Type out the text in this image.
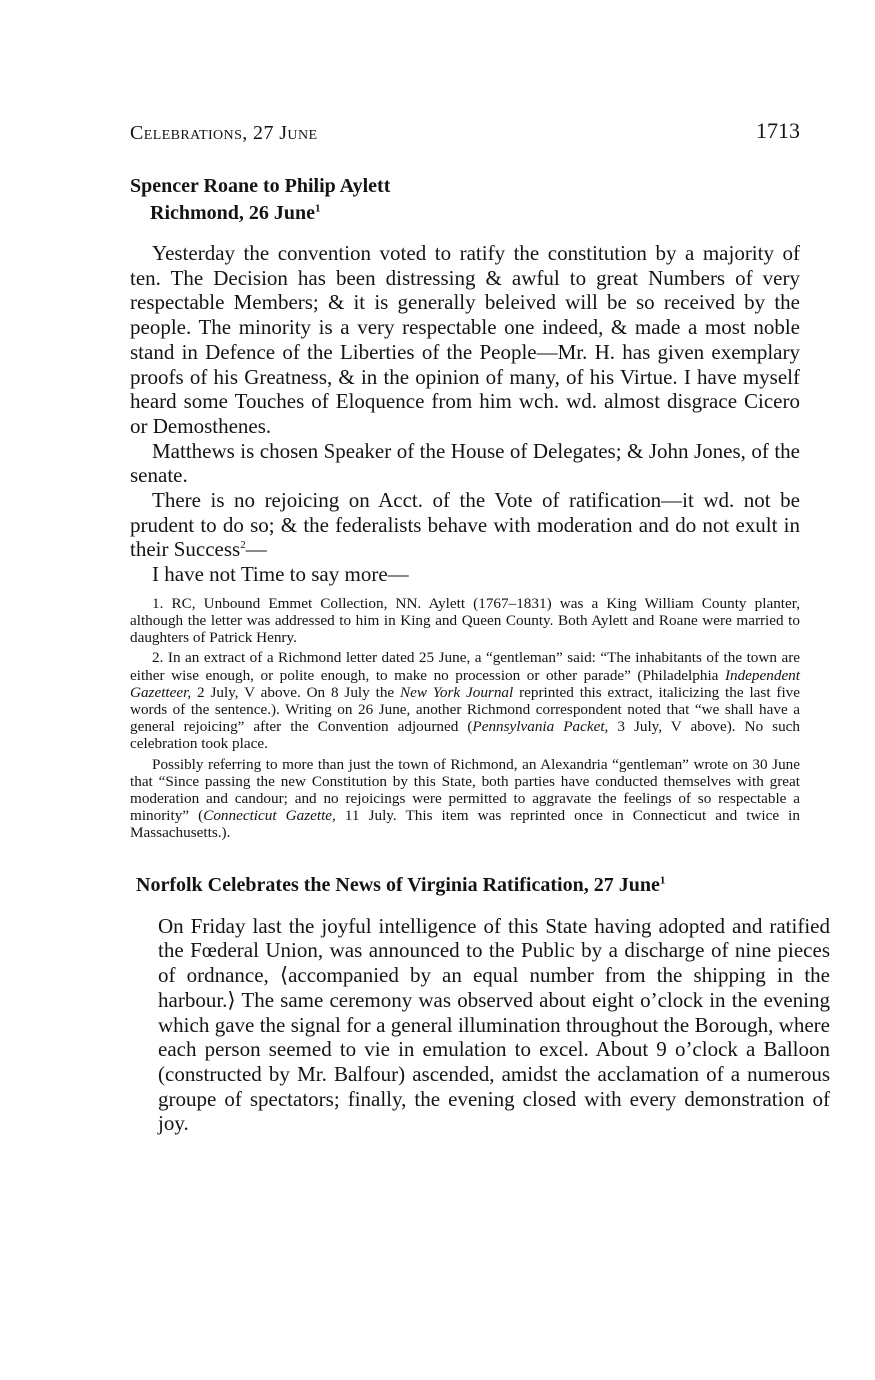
Celebrations, 27 June	1713
Spencer Roane to Philip Aylett
Richmond, 26 June$^1$

Yesterday the convention voted to ratify the constitution by a majority of ten. The Decision has been distressing & awful to great Numbers of very respectable Members; & it is generally beleived will be so received by the people. The minority is a very respectable one indeed, & made a most noble stand in Defence of the Liberties of the People—Mr. H. has given exemplary proofs of his Greatness, & in the opinion of many, of his Virtue. I have myself heard some Touches of Eloquence from him wch. wd. almost disgrace Cicero or Demosthenes.

Matthews is chosen Speaker of the House of Delegates; & John Jones, of the senate.

There is no rejoicing on Acct. of the Vote of ratification—it wd. not be prudent to do so; & the federalists behave with moderation and do not exult in their Success$^2$—

I have not Time to say more—

1. RC, Unbound Emmet Collection, NN. Aylett (1767–1831) was a King William County planter, although the letter was addressed to him in King and Queen County. Both Aylett and Roane were married to daughters of Patrick Henry.

2. In an extract of a Richmond letter dated 25 June, a “gentleman” said: “The inhabitants of the town are either wise enough, or polite enough, to make no procession or other parade” (Philadelphia Independent Gazetteer, 2 July, V above. On 8 July the New York Journal reprinted this extract, italicizing the last five words of the sentence.). Writing on 26 June, another Richmond correspondent noted that “we shall have a general rejoicing” after the Convention adjourned (Pennsylvania Packet, 3 July, V above). No such celebration took place.

Possibly referring to more than just the town of Richmond, an Alexandria “gentleman” wrote on 30 June that “Since passing the new Constitution by this State, both parties have conducted themselves with great moderation and candour; and no rejoicings were permitted to aggravate the feelings of so respectable a minority” (Connecticut Gazette, 11 July. This item was reprinted once in Connecticut and twice in Massachusetts.).

Norfolk Celebrates the News of Virginia Ratification, 27 June$^1$

On Friday last the joyful intelligence of this State having adopted and ratified the Fœderal Union, was announced to the Public by a discharge of nine pieces of ordnance, ⟨accompanied by an equal number from the shipping in the harbour.⟩ The same ceremony was observed about eight o’clock in the evening which gave the signal for a general illumination throughout the Borough, where each person seemed to vie in emulation to excel. About 9 o’clock a Balloon (constructed by Mr. Balfour) ascended, amidst the acclamation of a numerous groupe of spectators; finally, the evening closed with every demonstration of joy.
